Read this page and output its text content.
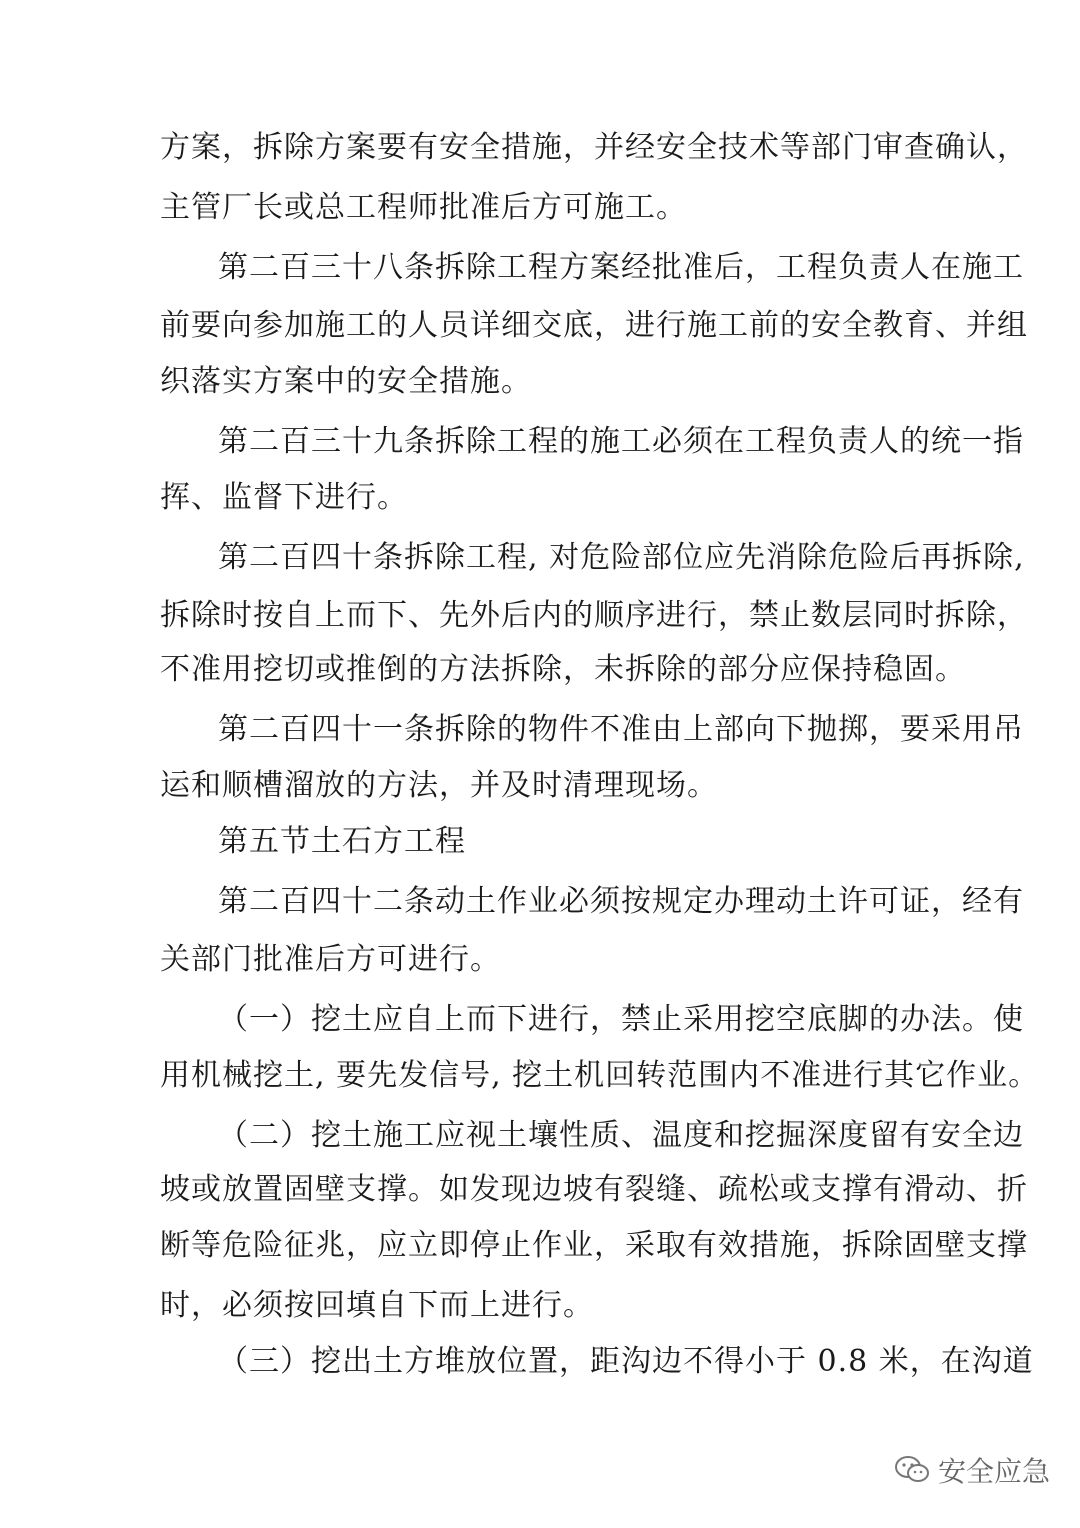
方案，拆除方案要有安全措施，并经安全技术等部门审查确认，
主管厂长或总工程师批准后方可施工。
第二百三十八条拆除工程方案经批准后，工程负责人在施工
前要向参加施工的人员详细交底，进行施工前的安全教育、并组
织落实方案中的安全措施。
第二百三十九条拆除工程的施工必须在工程负责人的统一指
挥、监督下进行。
第二百四十条拆除工程, 对危险部位应先消除危险后再拆除,
拆除时按自上而下、先外后内的顺序进行，禁止数层同时拆除，
不准用挖切或推倒的方法拆除，未拆除的部分应保持稳固。
第二百四十一条拆除的物件不准由上部向下抛掷，要采用吊
运和顺槽溜放的方法，并及时清理现场。
第五节土石方工程
第二百四十二条动土作业必须按规定办理动土许可证，经有
关部门批准后方可进行。
（一）挖土应自上而下进行，禁止采用挖空底脚的办法。使
用机械挖土, 要先发信号, 挖土机回转范围内不准进行其它作业。
（二）挖土施工应视土壤性质、温度和挖掘深度留有安全边
坡或放置固壁支撑。如发现边坡有裂缝、疏松或支撑有滑动、折
断等危险征兆，应立即停止作业，采取有效措施，拆除固壁支撑
时，必须按回填自下而上进行。
（三）挖出土方堆放位置，距沟边不得小于 0.8 米，在沟道
安全应急
